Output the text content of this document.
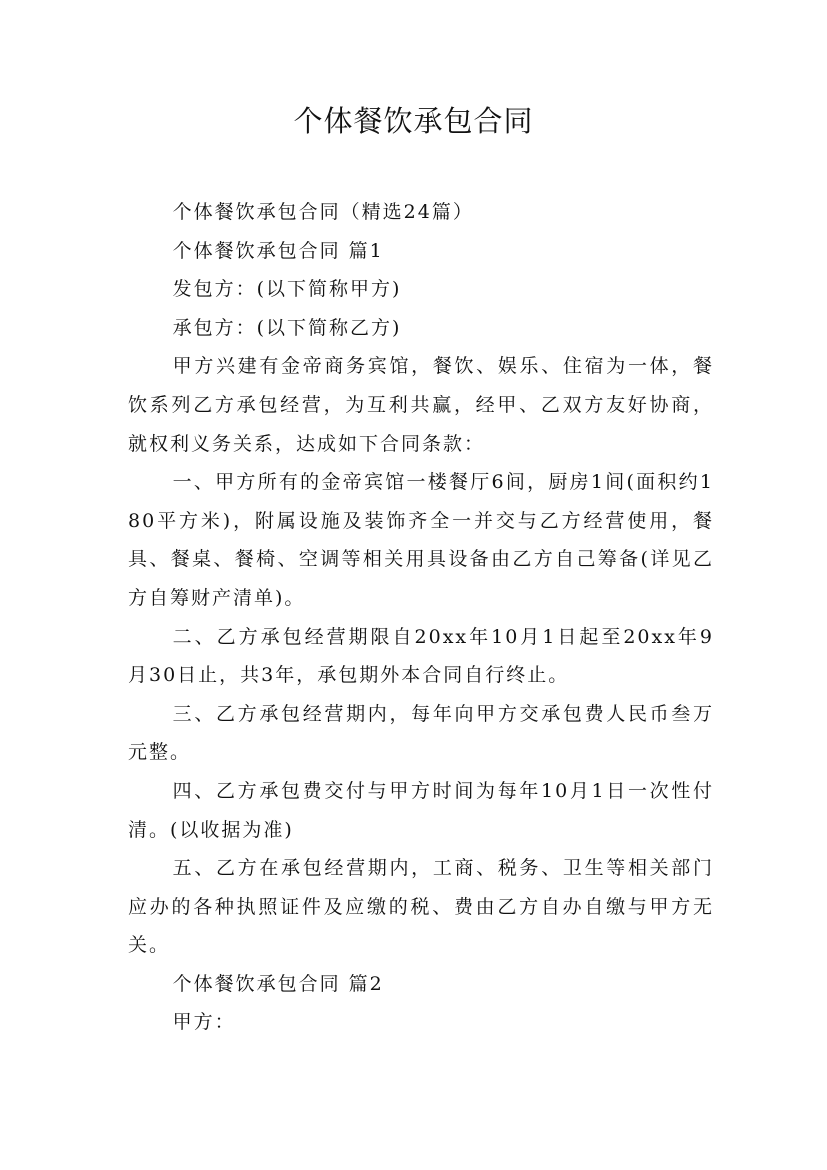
个体餐饮承包合同

个体餐饮承包合同（精选24篇）

个体餐饮承包合同 篇1

发包方：(以下简称甲方)

承包方：(以下简称乙方)

甲方兴建有金帝商务宾馆，餐饮、娱乐、住宿为一体，餐饮系列乙方承包经营，为互利共赢，经甲、乙双方友好协商，就权利义务关系，达成如下合同条款：

一、甲方所有的金帝宾馆一楼餐厅6间，厨房1间(面积约180平方米)，附属设施及装饰齐全一并交与乙方经营使用，餐具、餐桌、餐椅、空调等相关用具设备由乙方自己筹备(详见乙方自筹财产清单)。

二、乙方承包经营期限自20xx年10月1日起至20xx年9月30日止，共3年，承包期外本合同自行终止。

三、乙方承包经营期内，每年向甲方交承包费人民币叁万元整。

四、乙方承包费交付与甲方时间为每年10月1日一次性付清。(以收据为准)

五、乙方在承包经营期内，工商、税务、卫生等相关部门应办的各种执照证件及应缴的税、费由乙方自办自缴与甲方无关。

个体餐饮承包合同 篇2

甲方：
